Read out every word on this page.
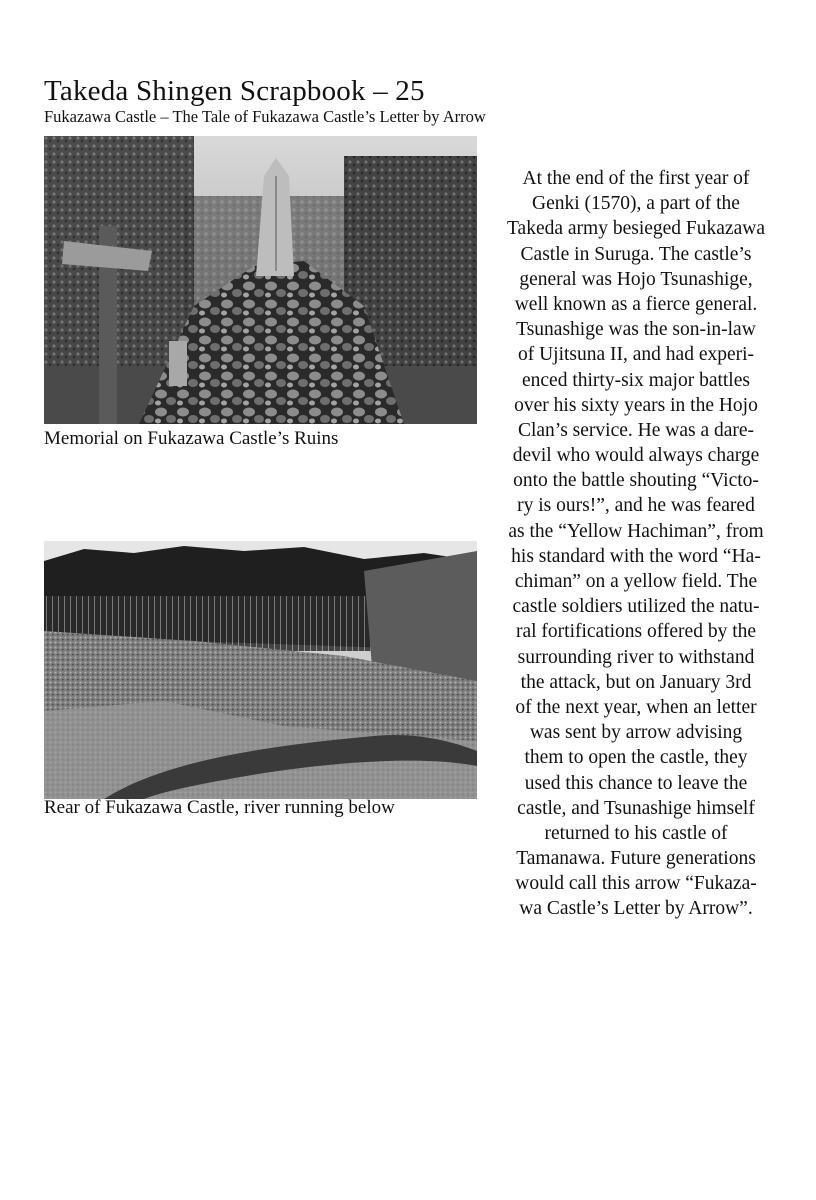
Takeda Shingen Scrapbook – 25
Fukazawa Castle – The Tale of Fukazawa Castle’s Letter by Arrow
Memorial on Fukazawa Castle’s Ruins
Rear of Fukazawa Castle, river running below
At the end of the first year of
Genki (1570), a part of the
Takeda army besieged Fukazawa
Castle in Suruga. The castle’s
general was Hojo Tsunashige,
well known as a fierce general.
Tsunashige was the son-in-law
of Ujitsuna II, and had experi-
enced thirty-six major battles
over his sixty years in the Hojo
Clan’s service. He was a dare-
devil who would always charge
onto the battle shouting “Victo-
ry is ours!”, and he was feared
as the “Yellow Hachiman”, from
his standard with the word “Ha-
chiman” on a yellow field. The
castle soldiers utilized the natu-
ral fortifications offered by the
surrounding river to withstand
the attack, but on January 3rd
of the next year, when an letter
was sent by arrow advising
them to open the castle, they
used this chance to leave the
castle, and Tsunashige himself
returned to his castle of
Tamanawa. Future generations
would call this arrow “Fukaza-
wa Castle’s Letter by Arrow”.
